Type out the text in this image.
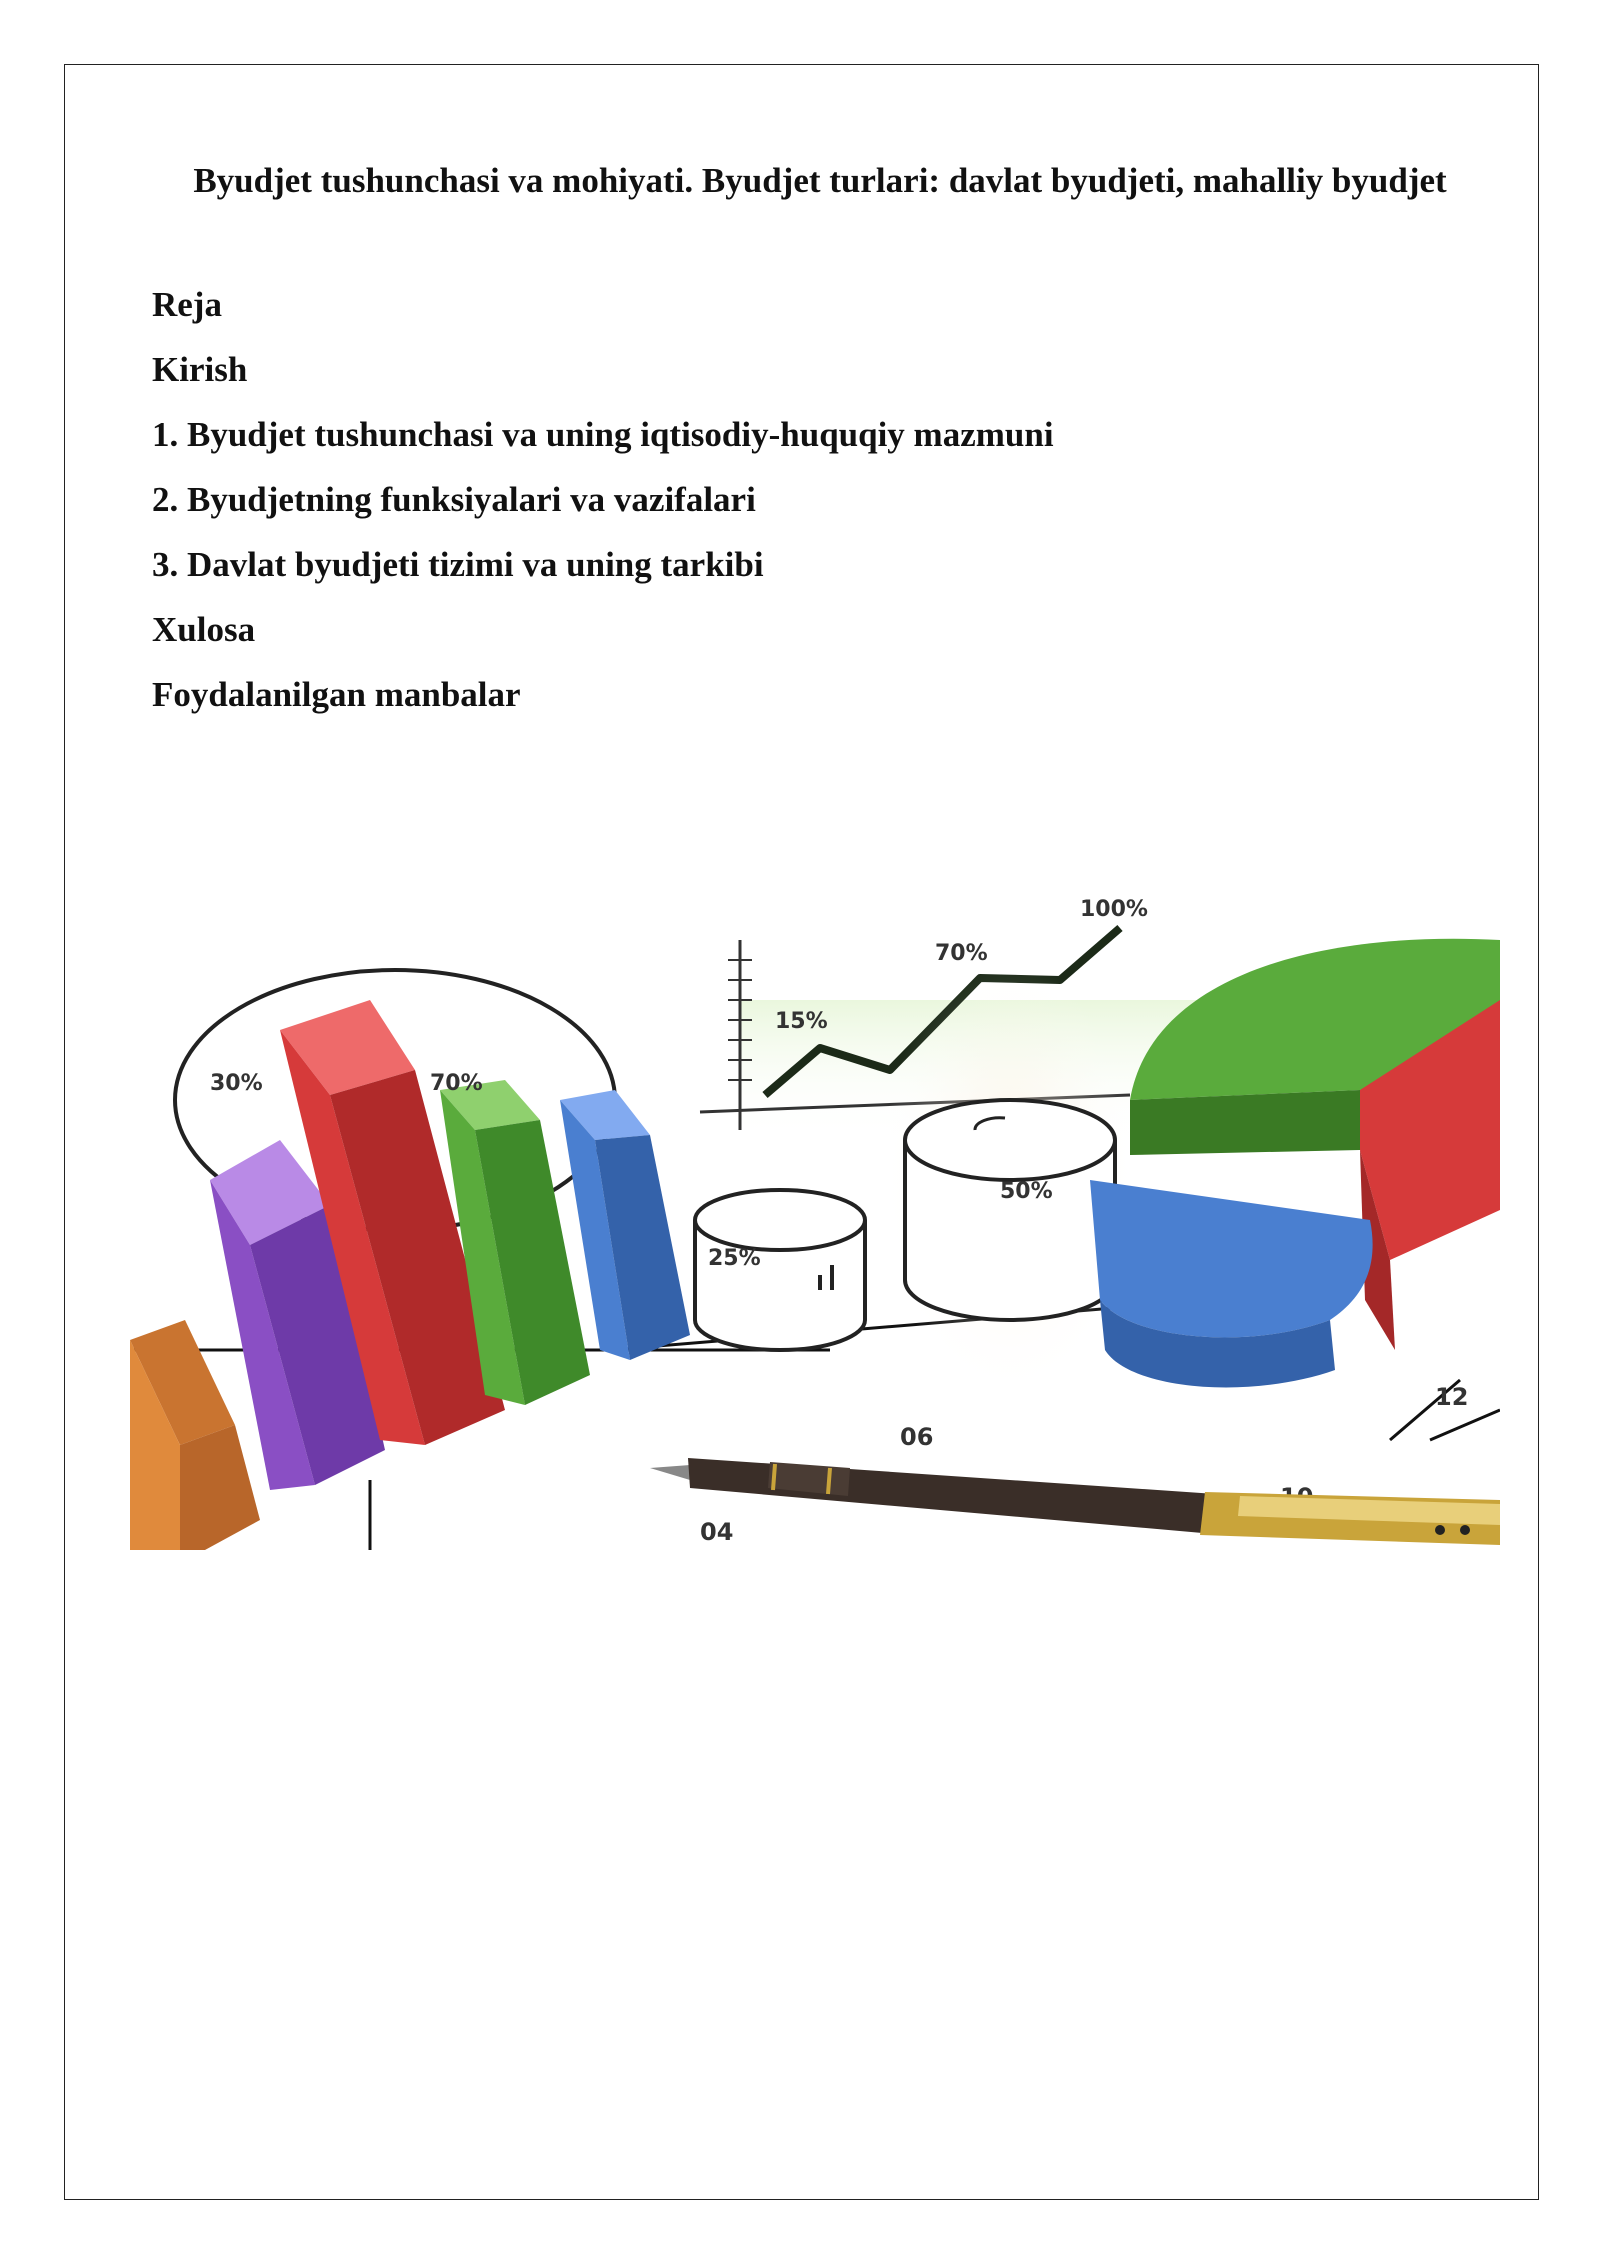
Byudjet tushunchasi va mohiyati. Byudjet turlari: davlat byudjeti, mahalliy byudjet
Reja
Kirish
1. Byudjet tushunchasi va uning iqtisodiy-huquqiy mazmuni
2. Byudjetning funksiyalari va vazifalari
3. Davlat byudjeti tizimi va uning tarkibi
Xulosa
Foydalanilgan manbalar
15%
70%
100%
50%
25%
30%	70%
04
06
12
